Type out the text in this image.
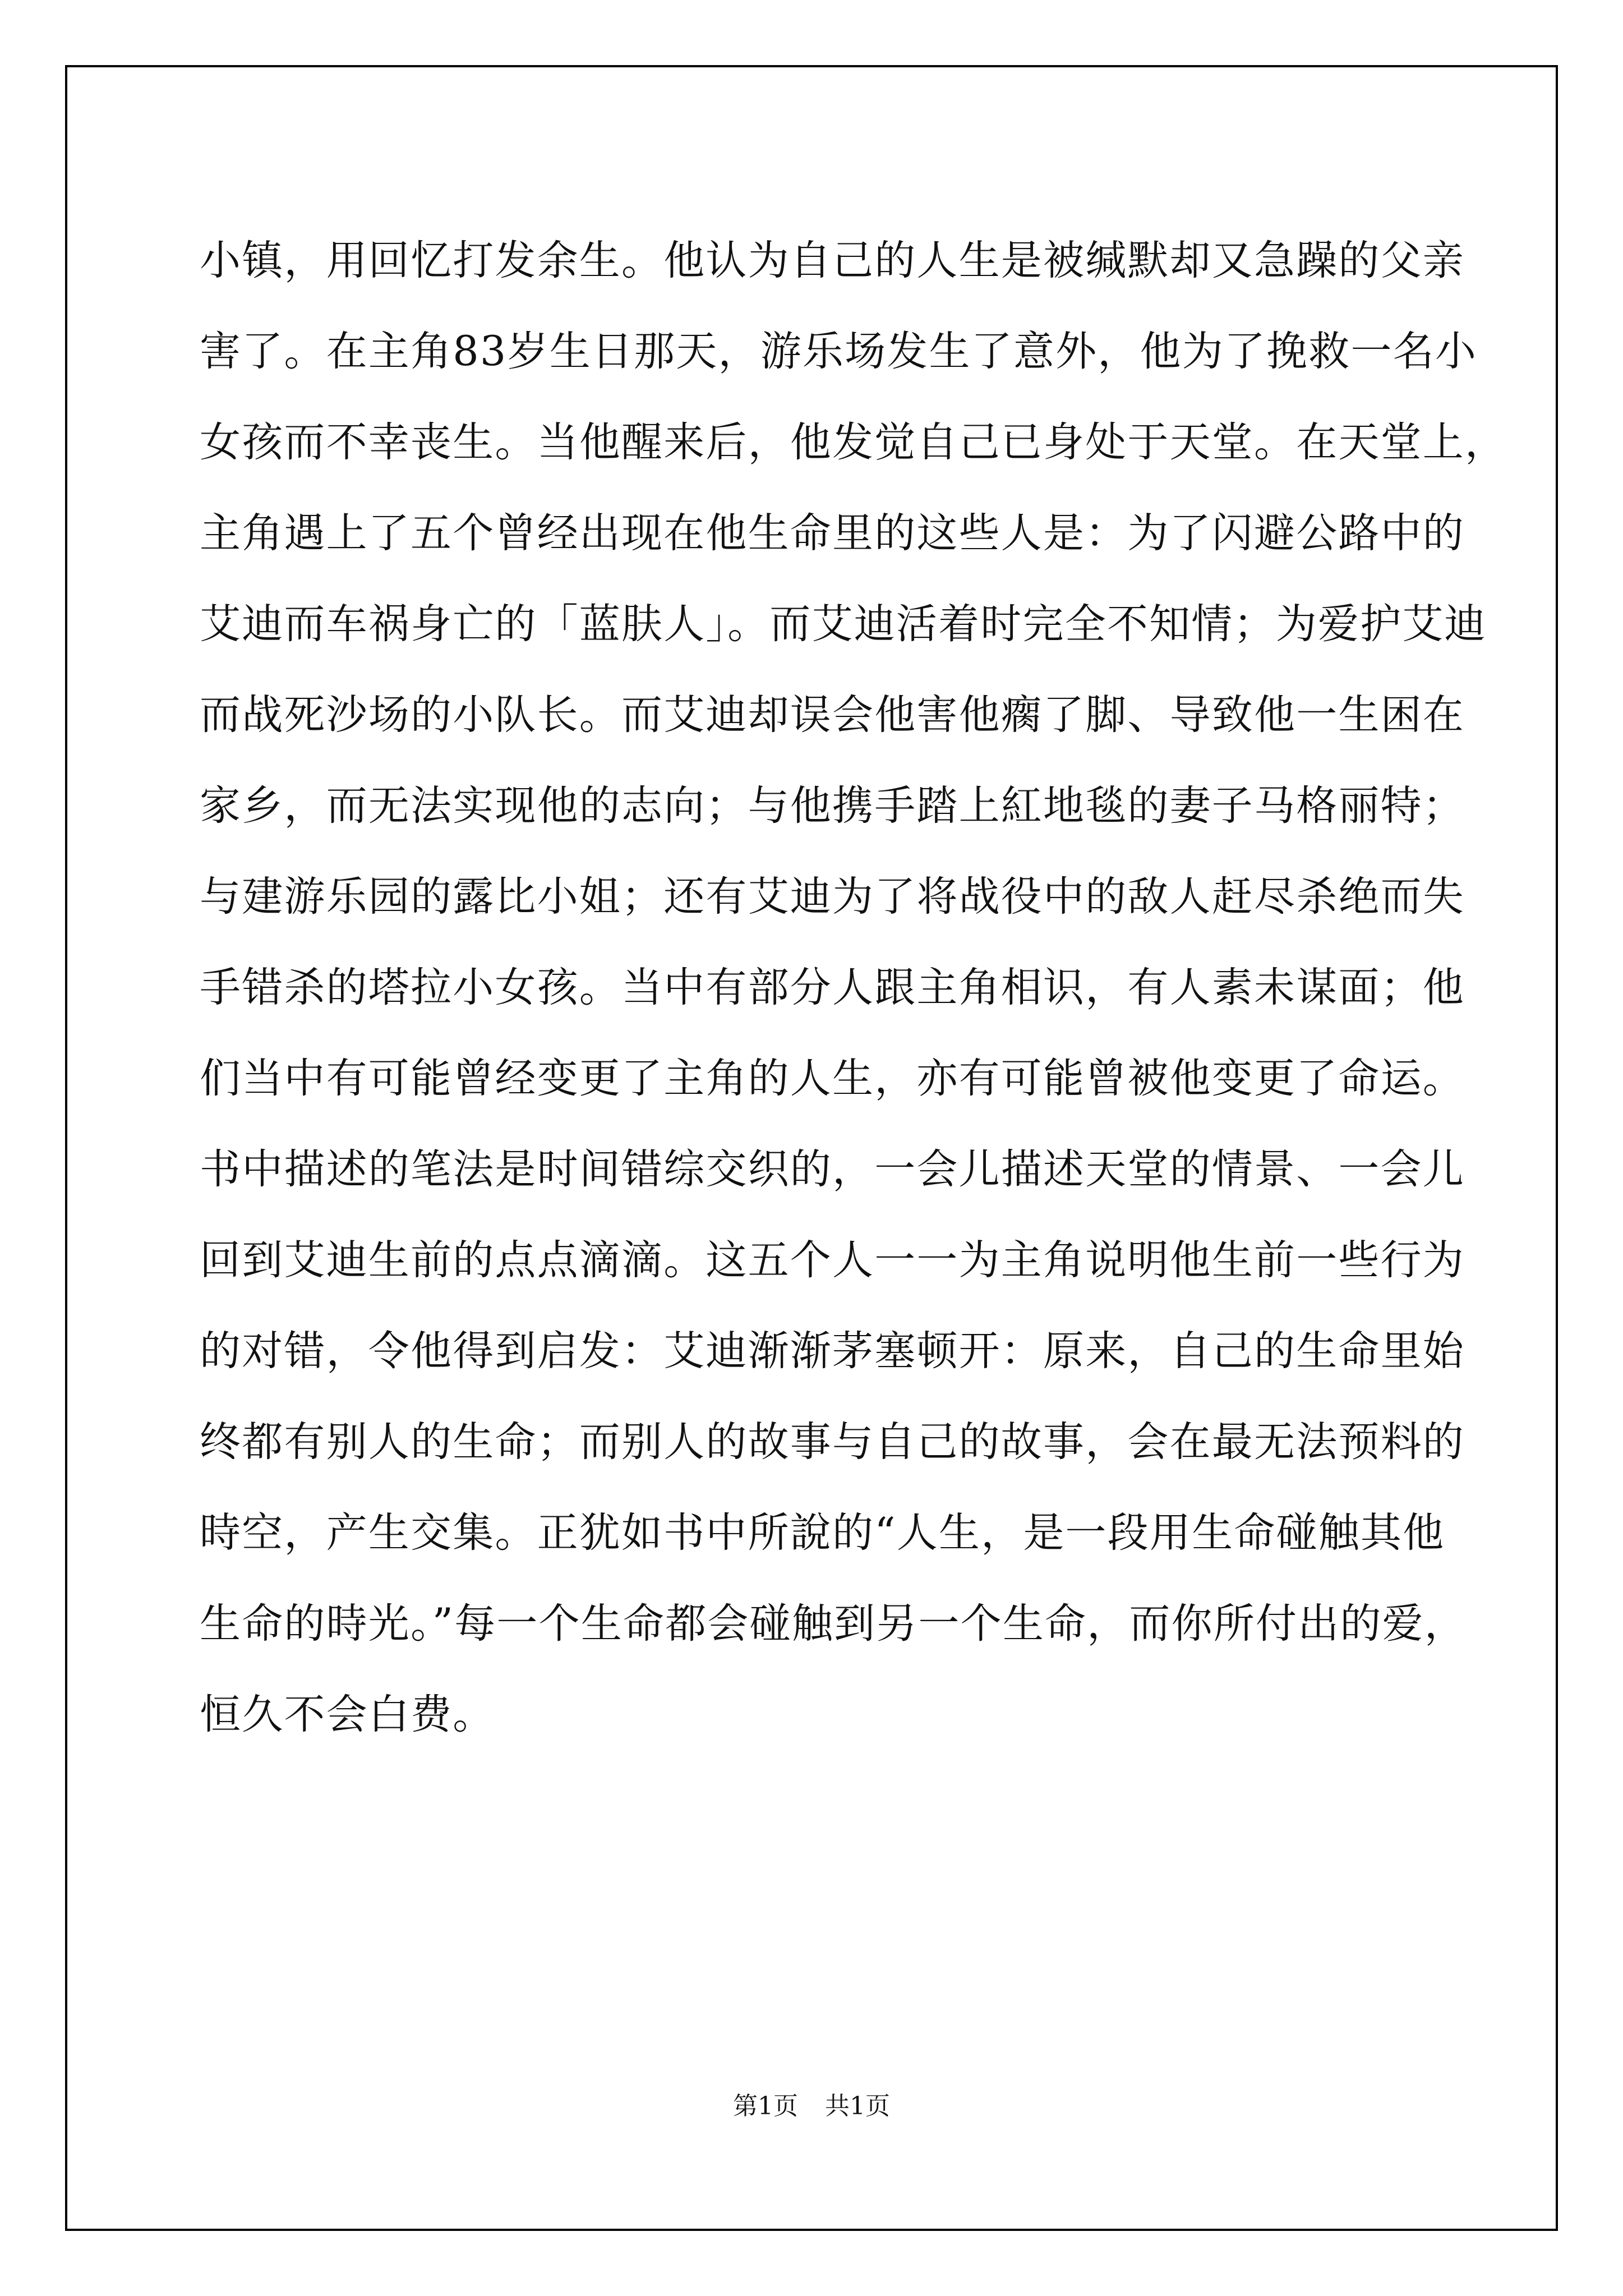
小镇，用回忆打发余生。他认为自己的人生是被缄默却又急躁的父亲
害了。在主角83岁生日那天，游乐场发生了意外，他为了挽救一名小
女孩而不幸丧生。当他醒来后，他发觉自己已身处于天堂。在天堂上，
主角遇上了五个曾经出现在他生命里的这些人是：为了闪避公路中的
艾迪而车祸身亡的「蓝肤人」。而艾迪活着时完全不知情；为爱护艾迪
而战死沙场的小队长。而艾迪却误会他害他瘸了脚、导致他一生困在
家乡，而无法实现他的志向；与他携手踏上紅地毯的妻子马格丽特；
与建游乐园的露比小姐；还有艾迪为了将战役中的敌人赶尽杀绝而失
手错杀的塔拉小女孩。当中有部分人跟主角相识，有人素未谋面；他
们当中有可能曾经变更了主角的人生，亦有可能曾被他变更了命运。
书中描述的笔法是时间错综交织的，一会儿描述天堂的情景、一会儿
回到艾迪生前的点点滴滴。这五个人一一为主角说明他生前一些行为
的对错，令他得到启发：艾迪渐渐茅塞顿开：原来，自己的生命里始
终都有别人的生命；而别人的故事与自己的故事，会在最无法预料的
時空，产生交集。正犹如书中所說的“人生，是一段用生命碰触其他
生命的時光。”每一个生命都会碰触到另一个生命，而你所付出的爱，
恒久不会白费。
第1页 共1页
